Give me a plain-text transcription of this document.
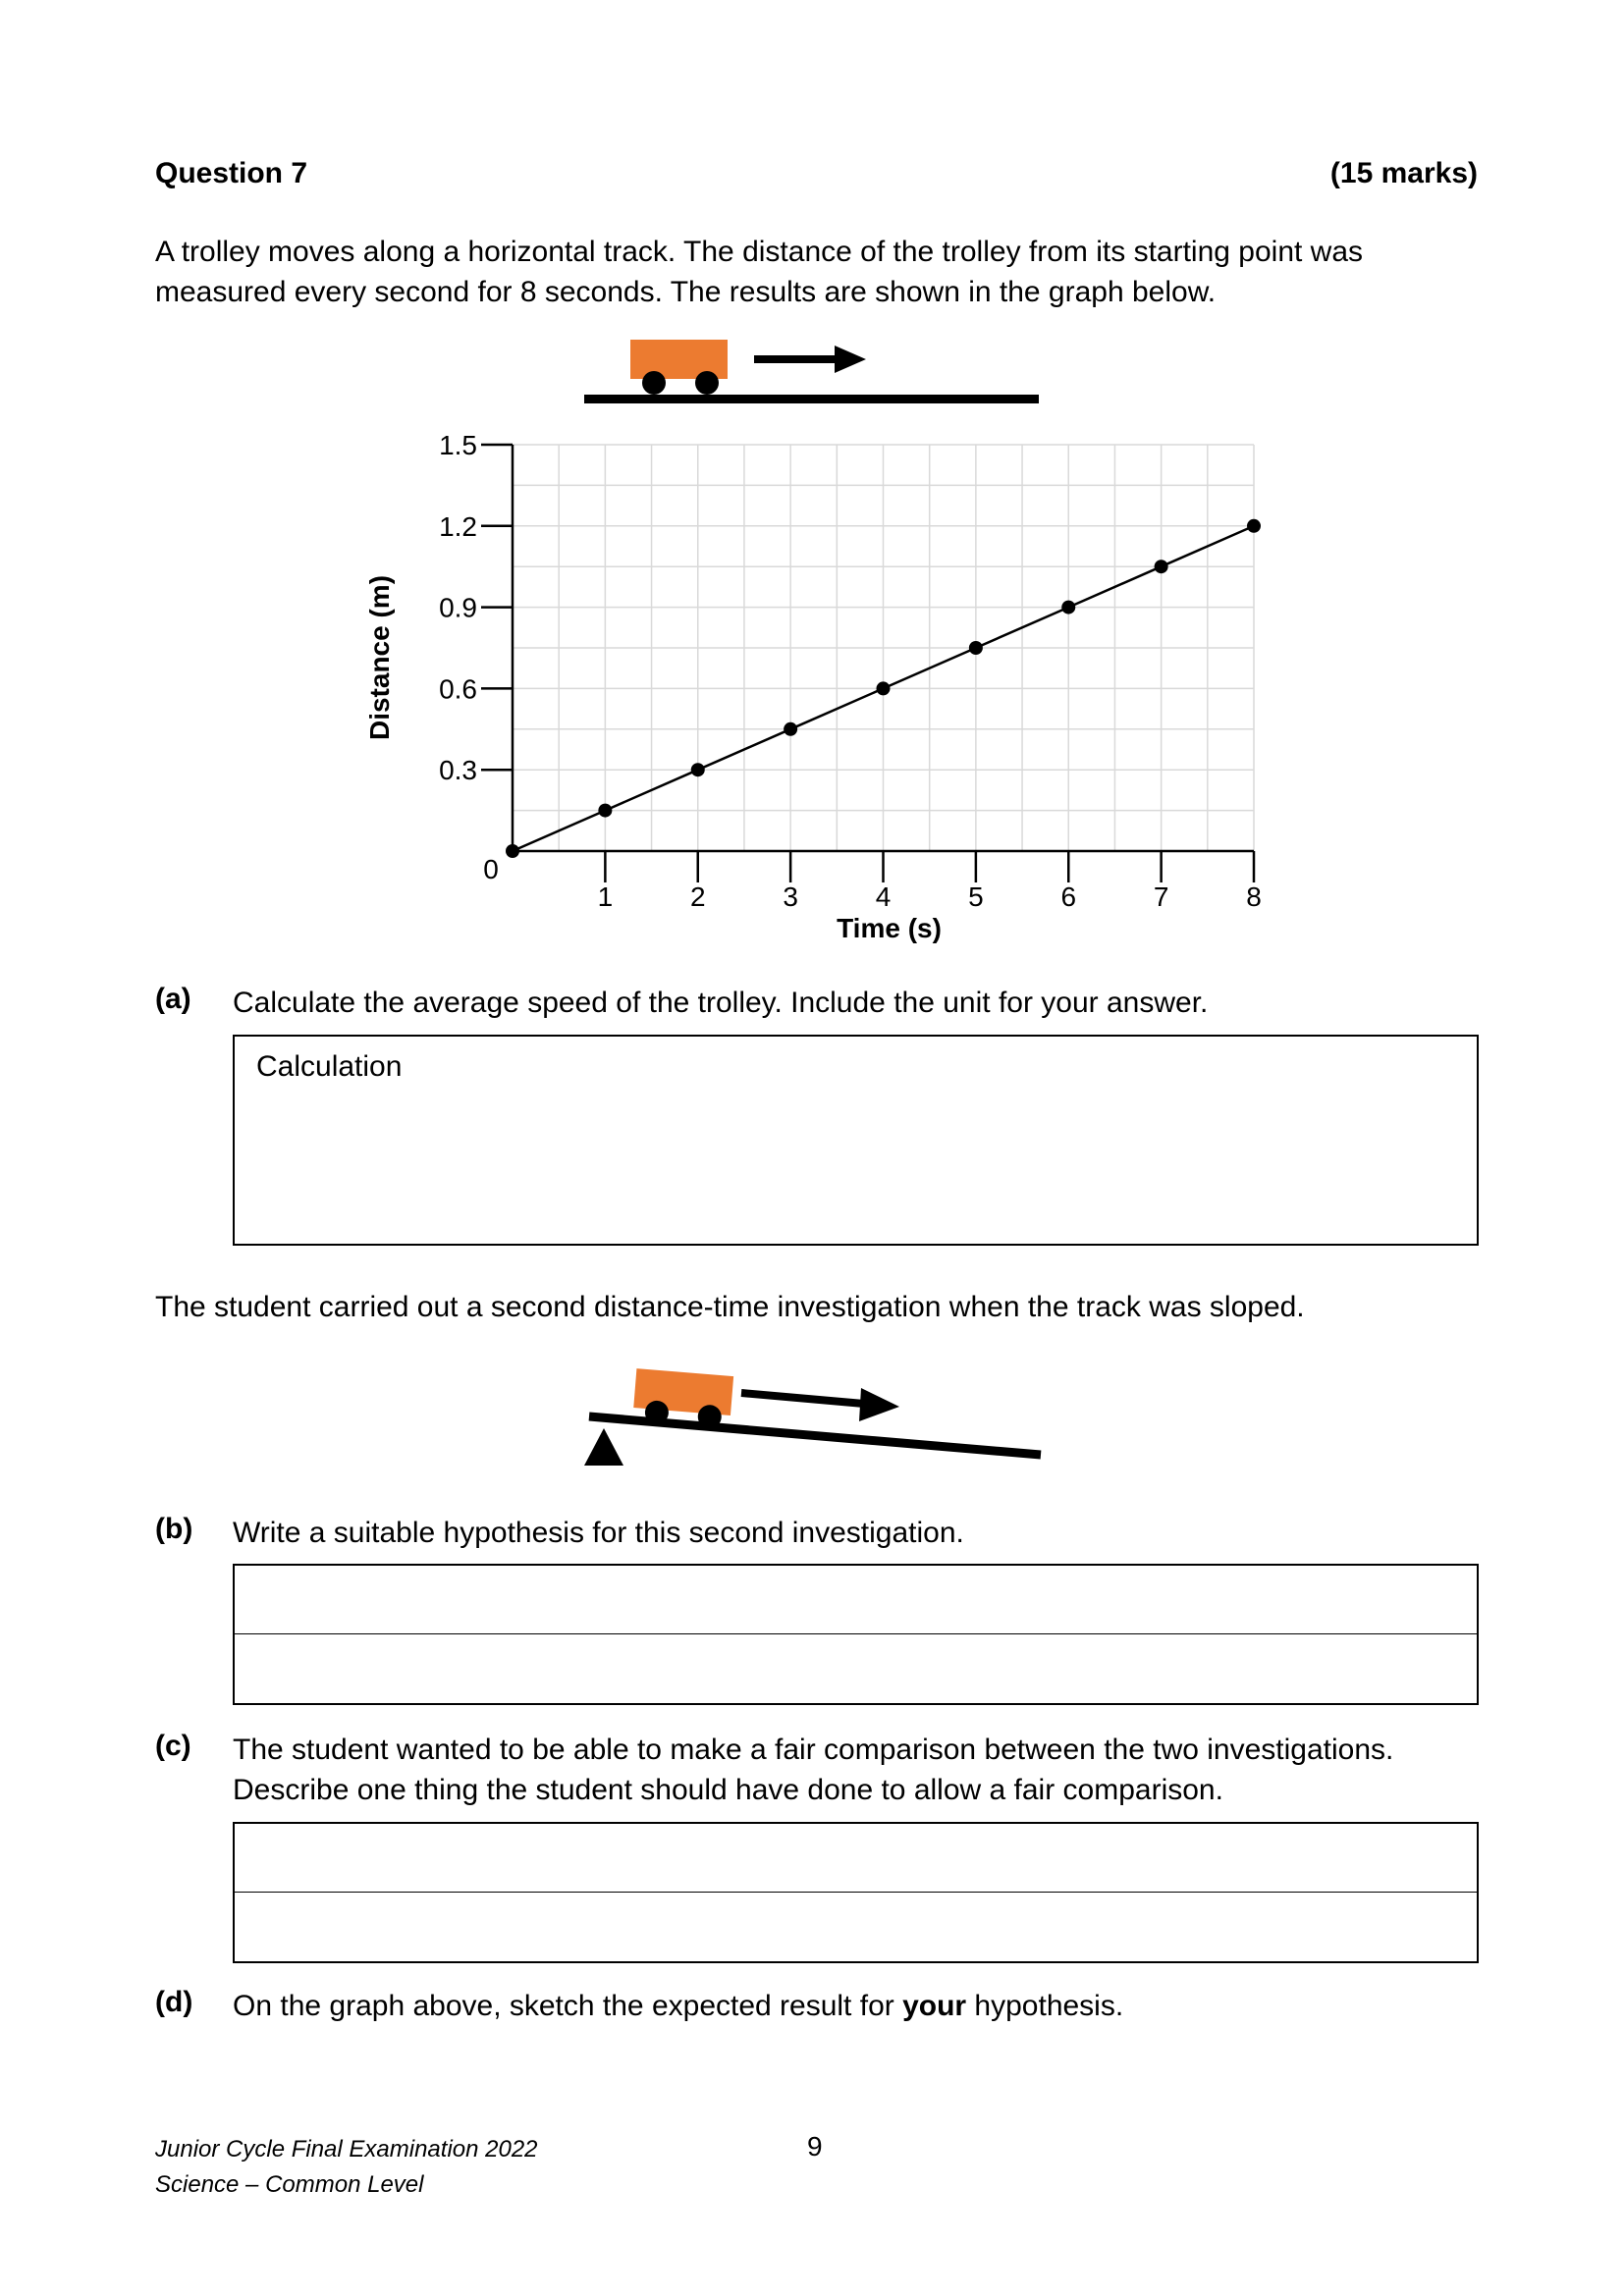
Question 7	(15 marks)
A trolley moves along a horizontal track. The distance of the trolley from its starting point was measured every second for 8 seconds. The results are shown in the graph below.
1	2	3	4	5	6	7	8
0.3
0.6
0.9
1.2
1.5
0
Time (s)
Distance (m)
(a) Calculate the average speed of the trolley. Include the unit for your answer.
Calculation
The student carried out a second distance-time investigation when the track was sloped.
(b) Write a suitable hypothesis for this second investigation.
(c) The student wanted to be able to make a fair comparison between the two investigations. Describe one thing the student should have done to allow a fair comparison.
(d) On the graph above, sketch the expected result for your hypothesis.
Junior Cycle Final Examination 2022
Science – Common Level
9
